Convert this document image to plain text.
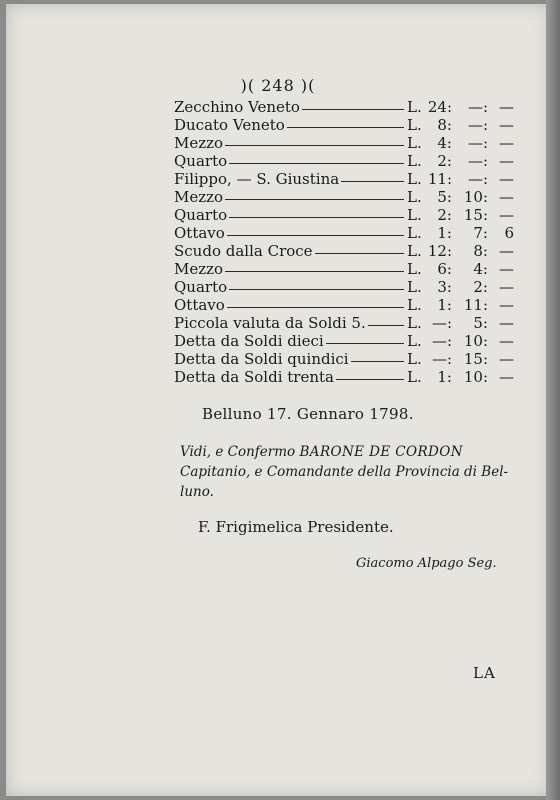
)( 248 )(
Zecchino Veneto	L. 24:	—: —
Ducato Veneto	L.	8:	—: —
Mezzo	L.	4:	—: —
Quarto	L.	2:	—: —
Filippo, — S. Giustina	L. 11:	—: —
Mezzo	L.	5: 10: —
Quarto	L.	2: 15: —
Ottavo	L.	1:	7:	6
Scudo dalla Croce	L. 12:	8: —
Mezzo	L.	6:	4: —
Quarto	L.	3:	2: —
Ottavo	L.	1: 11: —
Piccola valuta da Soldi 5.	L. —:	5: —
Detta da Soldi dieci	L. —: 10: —
Detta da Soldi quindici	L. —: 15: —
Detta da Soldi trenta	L.	1: 10: —
Belluno 17. Gennaro 1798.
Vidi, e Confermo BARONE DE CORDON
Capitanio, e Comandante della Provincia di Bel-
luno.
F. Frigimelica Presidente.
Giacomo Alpago Seg.
LA
